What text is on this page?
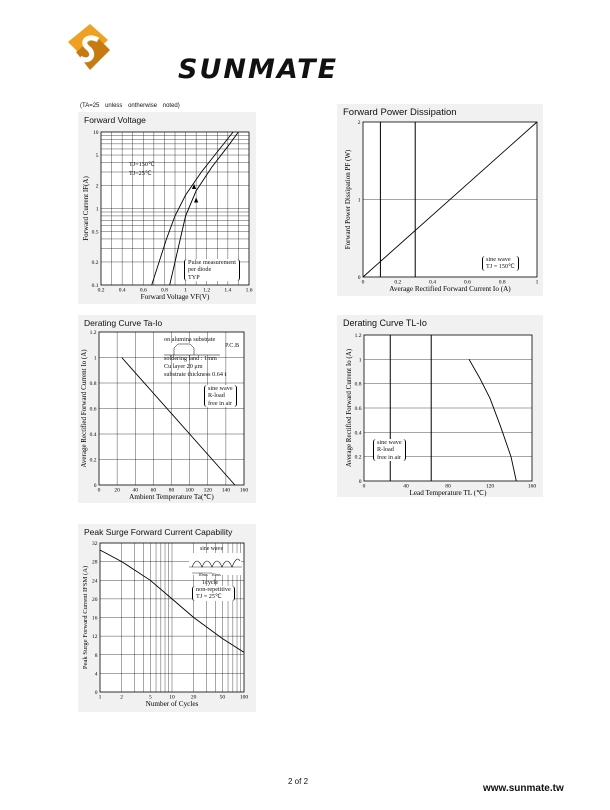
SUNMATE
(TA=25 unless ontherwise noted)
Forward Voltage
0.2	0.4	0.6	0.8	1	1.2	1.4	1.6
0.1
0.2
0.5
1
2
5
10
Forward Voltage VF(V)
Forward Current IF(A)
TJ=150℃
TJ=25℃
Pulse measurement
per diode
TYP
Forward Power Dissipation
0	0.2	0.4	0.6	0.8	1
0
1
2
Average Rectified Forward Current Io (A)
Forward Power Dissipation PF (W)
sine wave
TJ = 150℃
Derating Curve Ta-Io
0	20 40 60 80 100 120 140 160
0
0.2
0.4
0.6
0.8
1
1.2
Ambient Temperature Ta(℃)
Average Rectified Forward Current Io (A)
on alumina substrate
P.C.B
soldering land : 1mm
Cu layer 20 μm
substrate thickness 0.64 t
sine wave
R-load
free in air
Derating Curve TL-Io
0	40	80	120	160
0
0.2
0.4
0.6
0.8
1
1.2
Lead Temperature TL (℃)
Average Rectified Forward Current Io (A)	sine wave
R-load
free in air
Peak Surge Forward Current Capability
1	2	5	10	20	50	100
0
4
8
12
16
20
24
28
32
Number of Cycles
Peak Surge Forward Current IFSM (A)
sine wave
10ms 10ms
1cycle
non-repetitive
TJ = 25℃
2 of 2
www.sunmate.tw
